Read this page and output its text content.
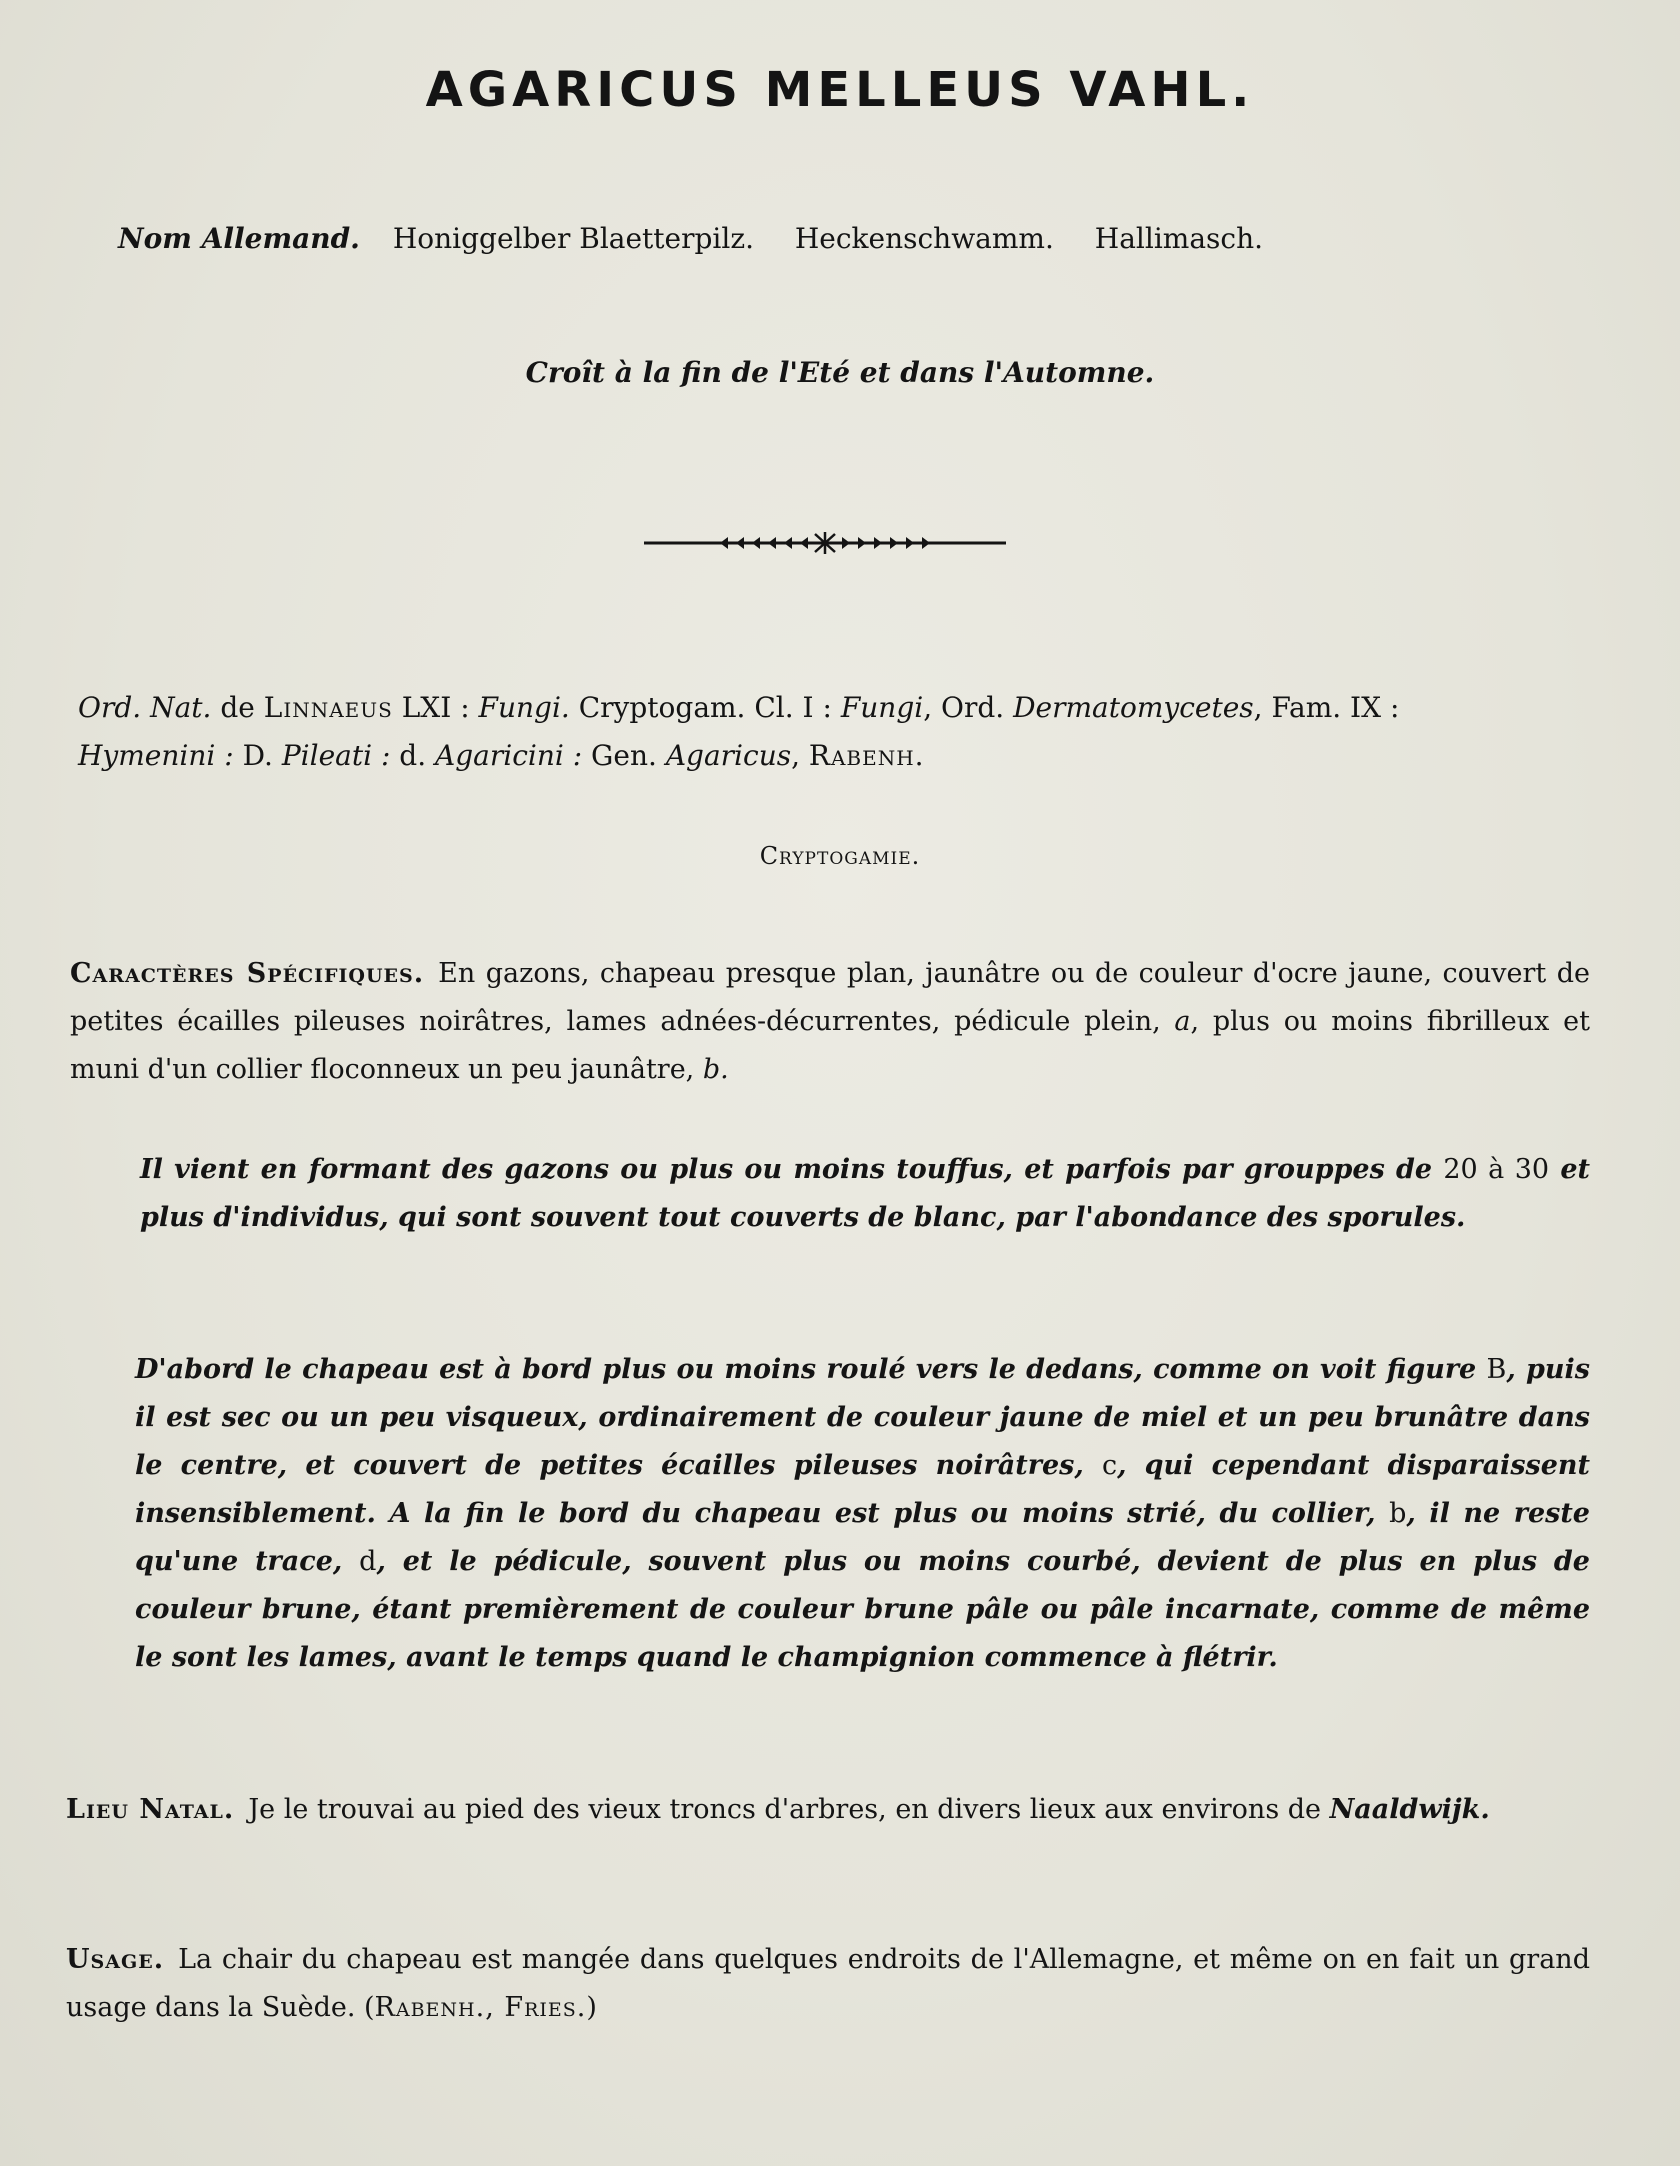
AGARICUS MELLEUS VAHL.

Nom Allemand. Honiggelber Blaetterpilz. Heckenschwamm. Hallimasch.

Croît à la fin de l'Eté et dans l'Automne.

Ord. Nat. de Linnaeus LXI : Fungi. Cryptogam. Cl. I : Fungi, Ord. Dermatomycetes, Fam. IX :
Hymenini : D. Pileati : d. Agaricini : Gen. Agaricus, Rabenh.

Cryptogamie.

Caractères Spécifiques. En gazons, chapeau presque plan, jaunâtre ou de couleur d'ocre jaune, couvert de petites écailles pileuses noirâtres, lames adnées-décurrentes, pédicule plein, a, plus ou moins fibrilleux et muni d'un collier floconneux un peu jaunâtre, b.

Il vient en formant des gazons ou plus ou moins touffus, et parfois par grouppes de 20 à 30 et plus d'individus, qui sont souvent tout couverts de blanc, par l'abondance des sporules.

D'abord le chapeau est à bord plus ou moins roulé vers le dedans, comme on voit figure B, puis il est sec ou un peu visqueux, ordinairement de couleur jaune de miel et un peu brunâtre dans le centre, et couvert de petites écailles pileuses noirâtres, c, qui cependant disparaissent insensiblement. A la fin le bord du chapeau est plus ou moins strié, du collier, b, il ne reste qu'une trace, d, et le pédicule, souvent plus ou moins courbé, devient de plus en plus de couleur brune, étant premièrement de couleur brune pâle ou pâle incarnate, comme de même le sont les lames, avant le temps quand le champignion commence à flétrir.

Lieu Natal. Je le trouvai au pied des vieux troncs d'arbres, en divers lieux aux environs de Naaldwijk.

Usage. La chair du chapeau est mangée dans quelques endroits de l'Allemagne, et même on en fait un grand usage dans la Suède. (Rabenh., Fries.)
